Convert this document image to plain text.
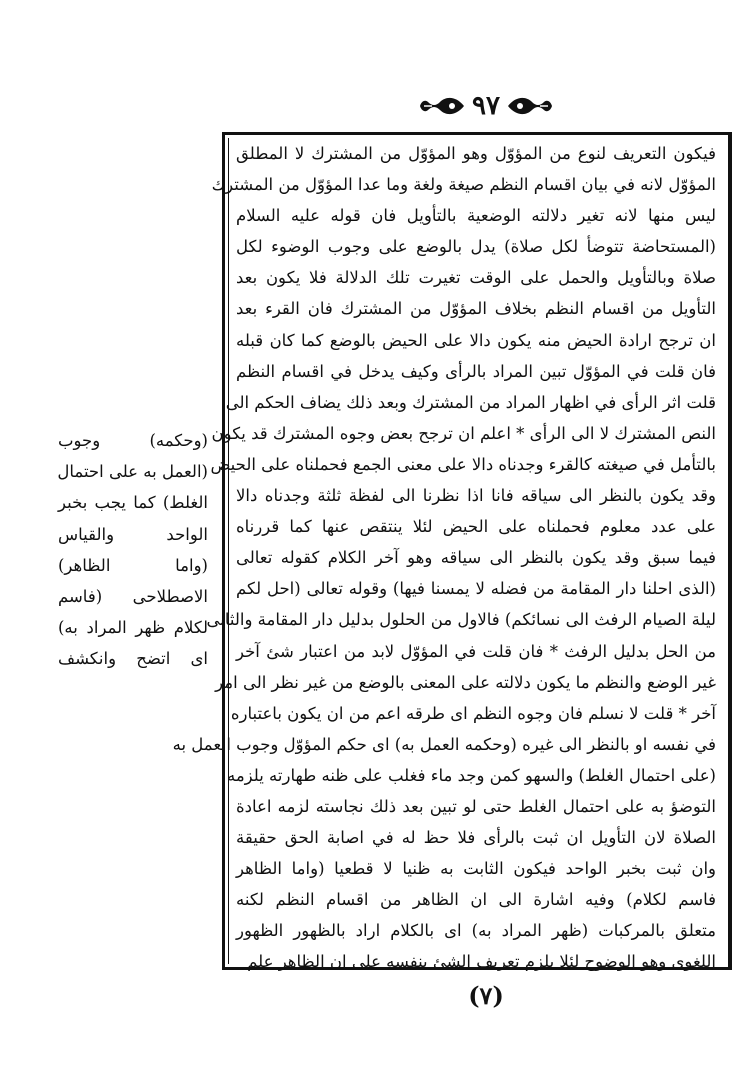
٩٧
فيكون التعريف لنوع من المؤوّل وهو المؤوّل من المشترك لا المطلق
المؤوّل لانه في بيان اقسام النظم صيغة ولغة وما عدا المؤوّل من المشترك
ليس منها لانه تغير دلالته الوضعية بالتأويل فان قوله عليه السلام
(المستحاضة تتوضأ لكل صلاة) يدل بالوضع على وجوب الوضوء لكل
صلاة وبالتأويل والحمل على الوقت تغيرت تلك الدلالة فلا يكون بعد
التأويل من اقسام النظم بخلاف المؤوّل من المشترك فان القرء بعد
ان ترجح ارادة الحيض منه يكون دالا على الحيض بالوضع كما كان قبله
فان قلت في المؤوّل تبين المراد بالرأى وكيف يدخل في اقسام النظم
قلت اثر الرأى في اظهار المراد من المشترك وبعد ذلك يضاف الحكم الى
النص المشترك لا الى الرأى * اعلم ان ترجح بعض وجوه المشترك قد يكون
بالتأمل في صيغته كالقرء وجدناه دالا على معنى الجمع فحملناه على الحيض
وقد يكون بالنظر الى سياقه فانا اذا نظرنا الى لفظة ثلثة وجدناه دالا
على عدد معلوم فحملناه على الحيض لئلا ينتقص عنها كما قررناه
فيما سبق وقد يكون بالنظر الى سياقه وهو آخر الكلام كقوله تعالى
(الذى احلنا دار المقامة من فضله لا يمسنا فيها) وقوله تعالى (احل لكم
ليلة الصيام الرفث الى نسائكم) فالاول من الحلول بدليل دار المقامة والثانى
من الحل بدليل الرفث * فان قلت في المؤوّل لابد من اعتبار شئ آخر
غير الوضع والنظم ما يكون دلالته على المعنى بالوضع من غير نظر الى امر
آخر * قلت لا نسلم فان وجوه النظم اى طرقه اعم من ان يكون باعتباره
في نفسه او بالنظر الى غيره (وحكمه العمل به) اى حكم المؤوّل وجوب العمل به
(على احتمال الغلط) والسهو كمن وجد ماء فغلب على ظنه طهارته يلزمه
التوضؤ به على احتمال الغلط حتى لو تبين بعد ذلك نجاسته لزمه اعادة
الصلاة لان التأويل ان ثبت بالرأى فلا حظ له في اصابة الحق حقيقة
وان ثبت بخبر الواحد فيكون الثابت به ظنيا لا قطعيا (واما الظاهر
فاسم لكلام) وفيه اشارة الى ان الظاهر من اقسام النظم لكنه
متعلق بالمركبات (ظهر المراد به) اى بالكلام اراد بالظهور الظهور
اللغوى وهو الوضوح لئلا يلزم تعريف الشئ بنفسه على ان الظاهر علم
(وحكمه) وجوب
(العمل به على احتمال
الغلط) كما يجب بخبر
الواحد والقياس
(واما الظاهر)
الاصطلاحى (فاسم
لكلام ظهر المراد به)
اى اتضح وانكشف
(٧)
